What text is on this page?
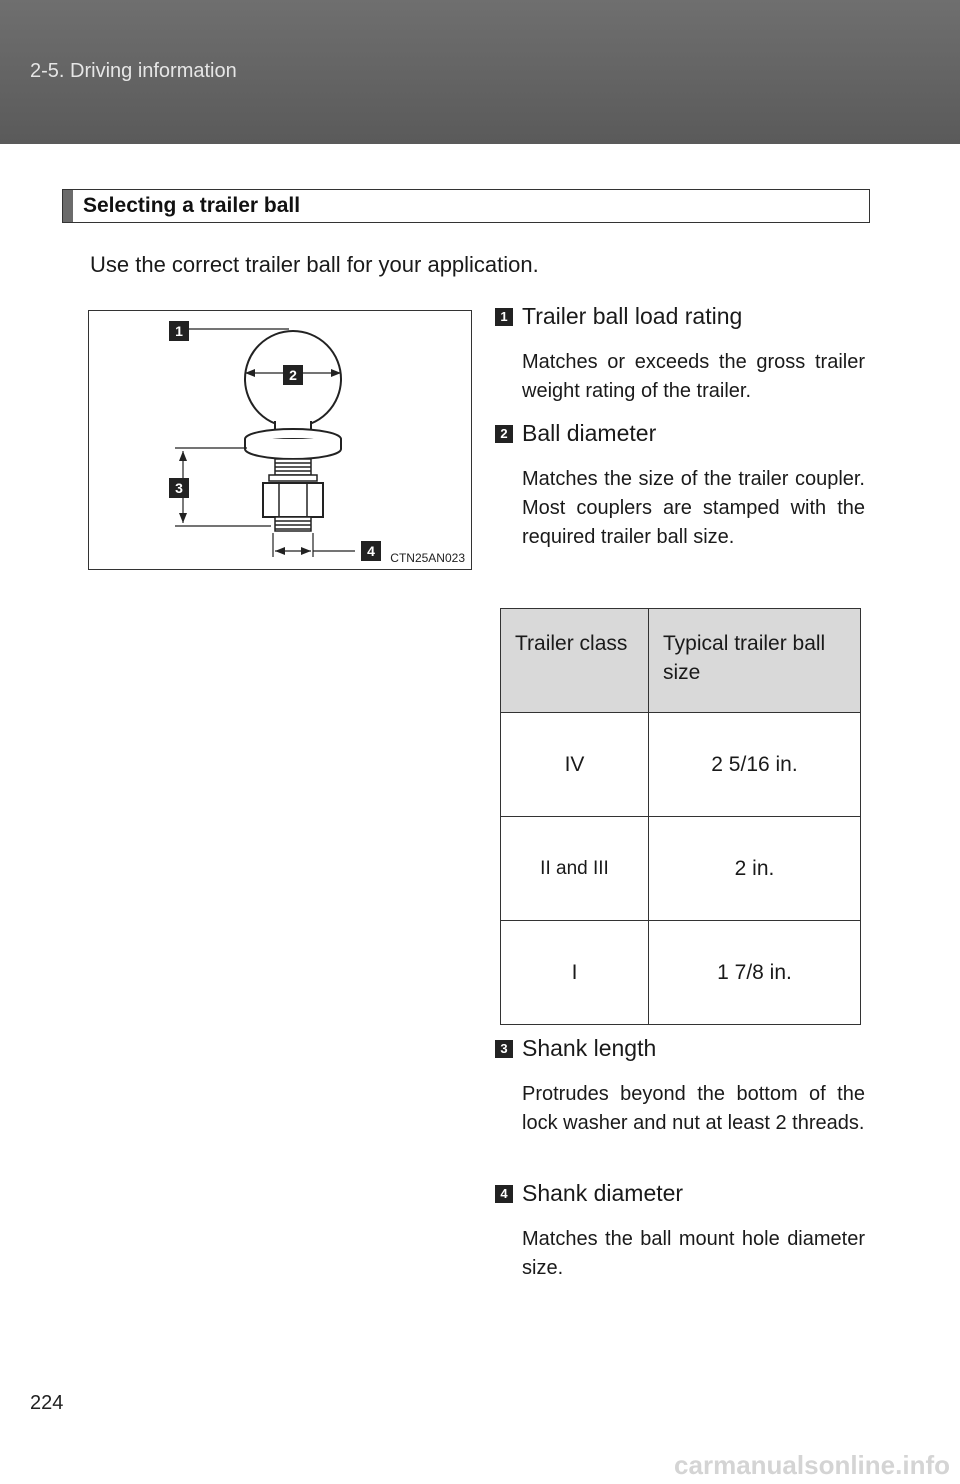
2-5. Driving information
Selecting a trailer ball
Use the correct trailer ball for your application.
1
2
3
4 CTN25AN023
1 Trailer ball load rating
Matches or exceeds the gross trailer weight rating of the trailer.
2 Ball diameter
Matches the size of the trailer coupler. Most couplers are stamped with the required trailer ball size.
Trailer class	Typical trailer ball size
IV	2 5/16 in.
II and III	2 in.
I	1 7/8 in.
3 Shank length
Protrudes beyond the bottom of the lock washer and nut at least 2 threads.
4 Shank diameter
Matches the ball mount hole diameter size.
224
carmanualsonline.info
